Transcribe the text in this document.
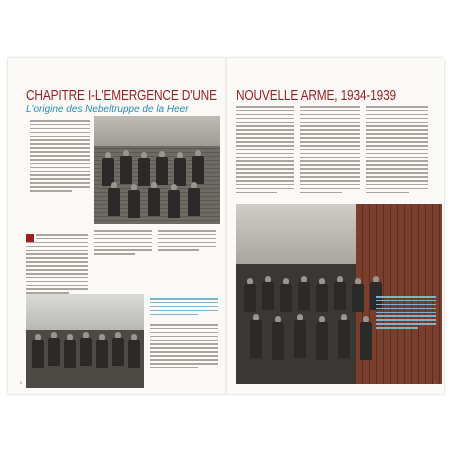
CHAPITRE I-L'EMERGENCE D'UNE
L'origine des Nebeltruppe de la Heer
6
NOUVELLE ARME, 1934-1939
7
